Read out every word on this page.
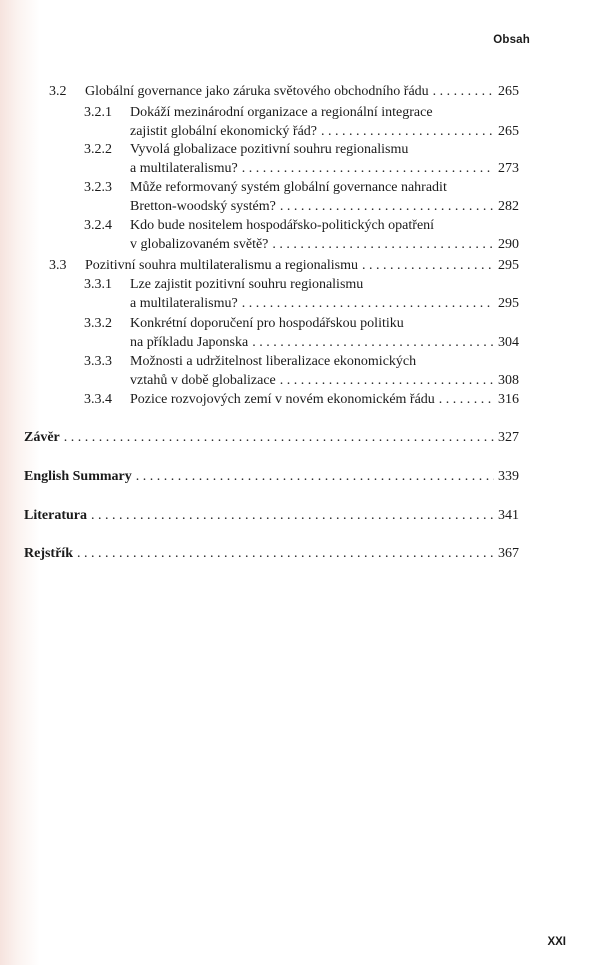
Obsah
3.2 Globální governance jako záruka světového obchodního řádu . . .	265
3.2.1 Dokáží mezinárodní organizace a regionální integrace
zajistit globální ekonomický řád? . . .	265
3.2.2 Vyvolá globalizace pozitivní souhru regionalismu
a multilateralismu? . . .	273
3.2.3 Může reformovaný systém globální governance nahradit
Bretton-woodský systém? . . .	282
3.2.4 Kdo bude nositelem hospodářsko-politických opatření
v globalizovaném světě? . . .	290
3.3 Pozitivní souhra multilateralismu a regionalismu . . .	295
3.3.1 Lze zajistit pozitivní souhru regionalismu
a multilateralismu? . . .	295
3.3.2 Konkrétní doporučení pro hospodářskou politiku
na příkladu Japonska . . .	304
3.3.3 Možnosti a udržitelnost liberalizace ekonomických
vztahů v době globalizace . . .	308
3.3.4 Pozice rozvojových zemí v novém ekonomickém řádu . . .	316
Závěr . . .	327
English Summary . . .	339
Literatura . . .	341
Rejstřík . . .	367
XXI
